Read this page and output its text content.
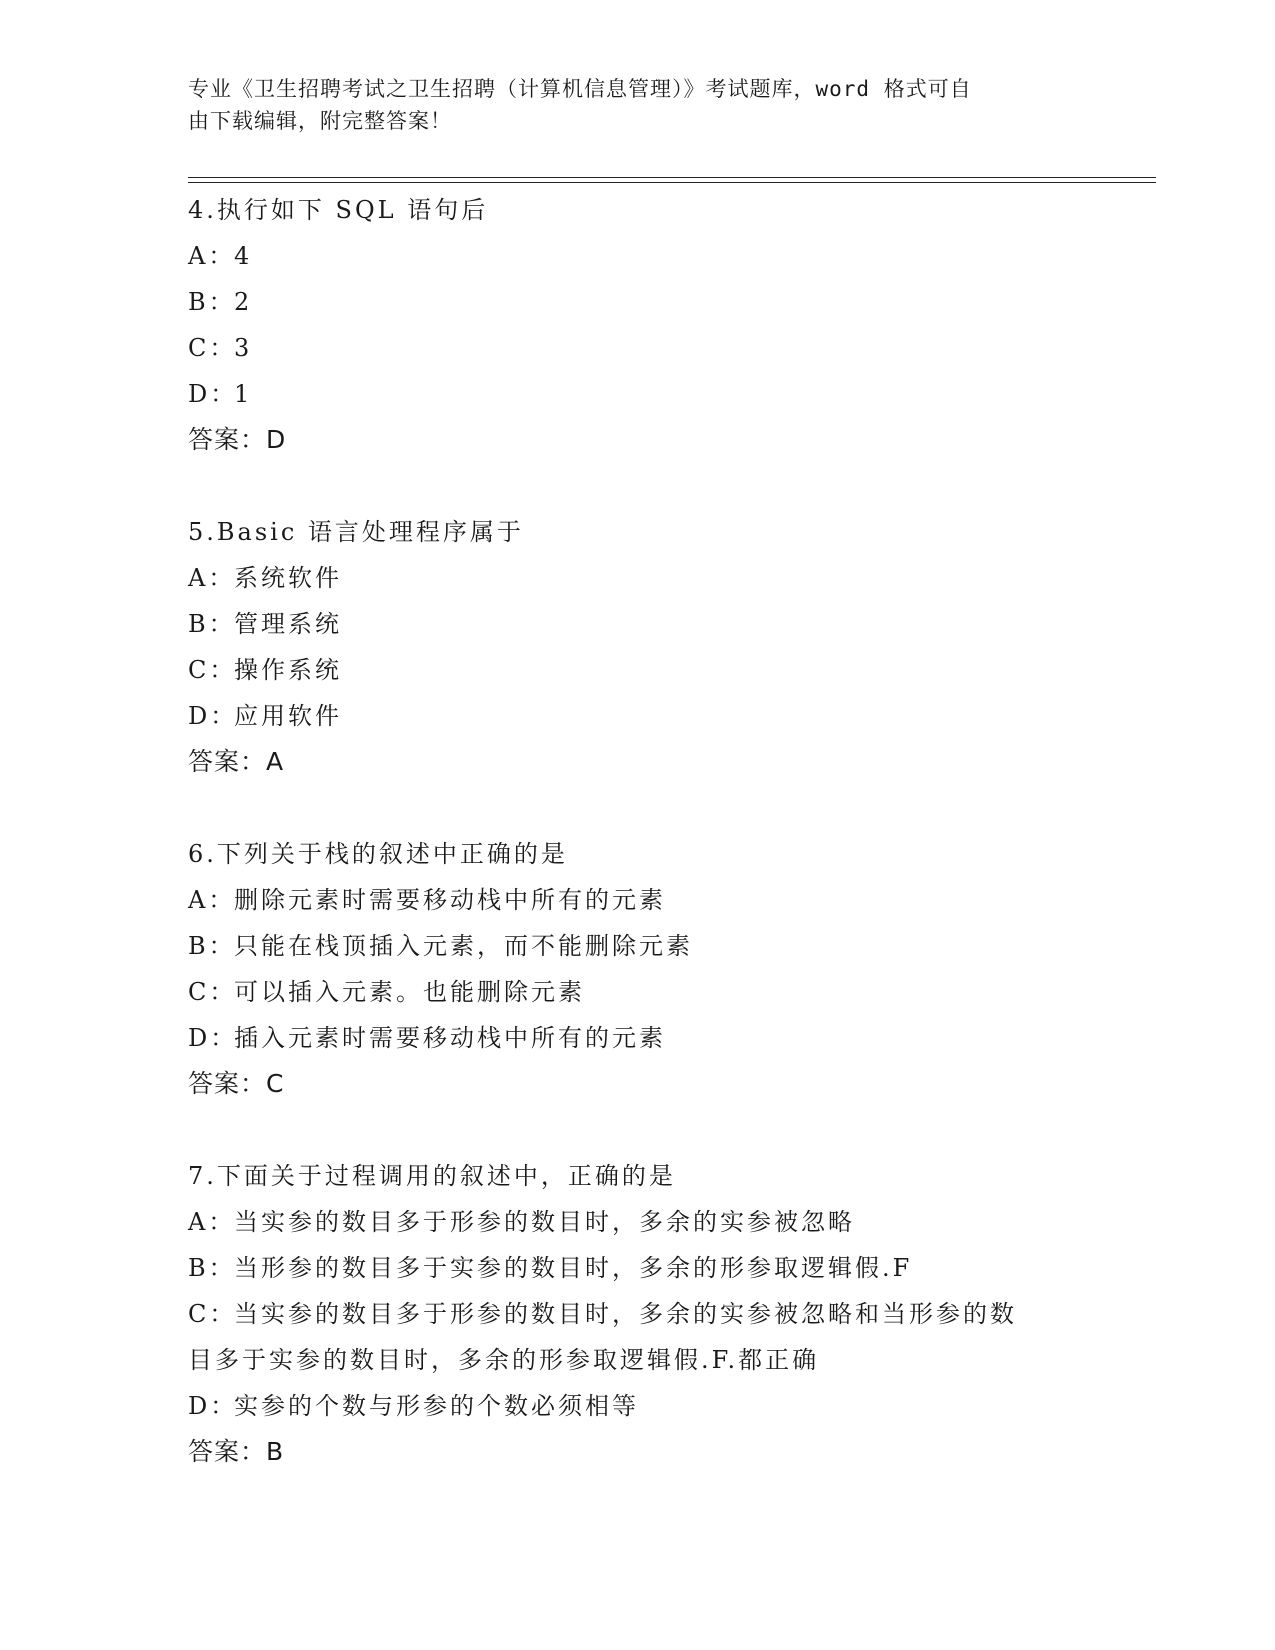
专业《卫生招聘考试之卫生招聘（计算机信息管理）》考试题库，word 格式可自
由下载编辑，附完整答案！
4.执行如下 SQL 语句后
A：4
B：2
C：3
D：1
答案：D
5.Basic 语言处理程序属于
A：系统软件
B：管理系统
C：操作系统
D：应用软件
答案：A
6.下列关于栈的叙述中正确的是
A：删除元素时需要移动栈中所有的元素
B：只能在栈顶插入元素，而不能删除元素
C：可以插入元素。也能删除元素
D：插入元素时需要移动栈中所有的元素
答案：C
7.下面关于过程调用的叙述中，正确的是
A：当实参的数目多于形参的数目时，多余的实参被忽略
B：当形参的数目多于实参的数目时，多余的形参取逻辑假.F
C：当实参的数目多于形参的数目时，多余的实参被忽略和当形参的数
目多于实参的数目时，多余的形参取逻辑假.F.都正确
D：实参的个数与形参的个数必须相等
答案：B
